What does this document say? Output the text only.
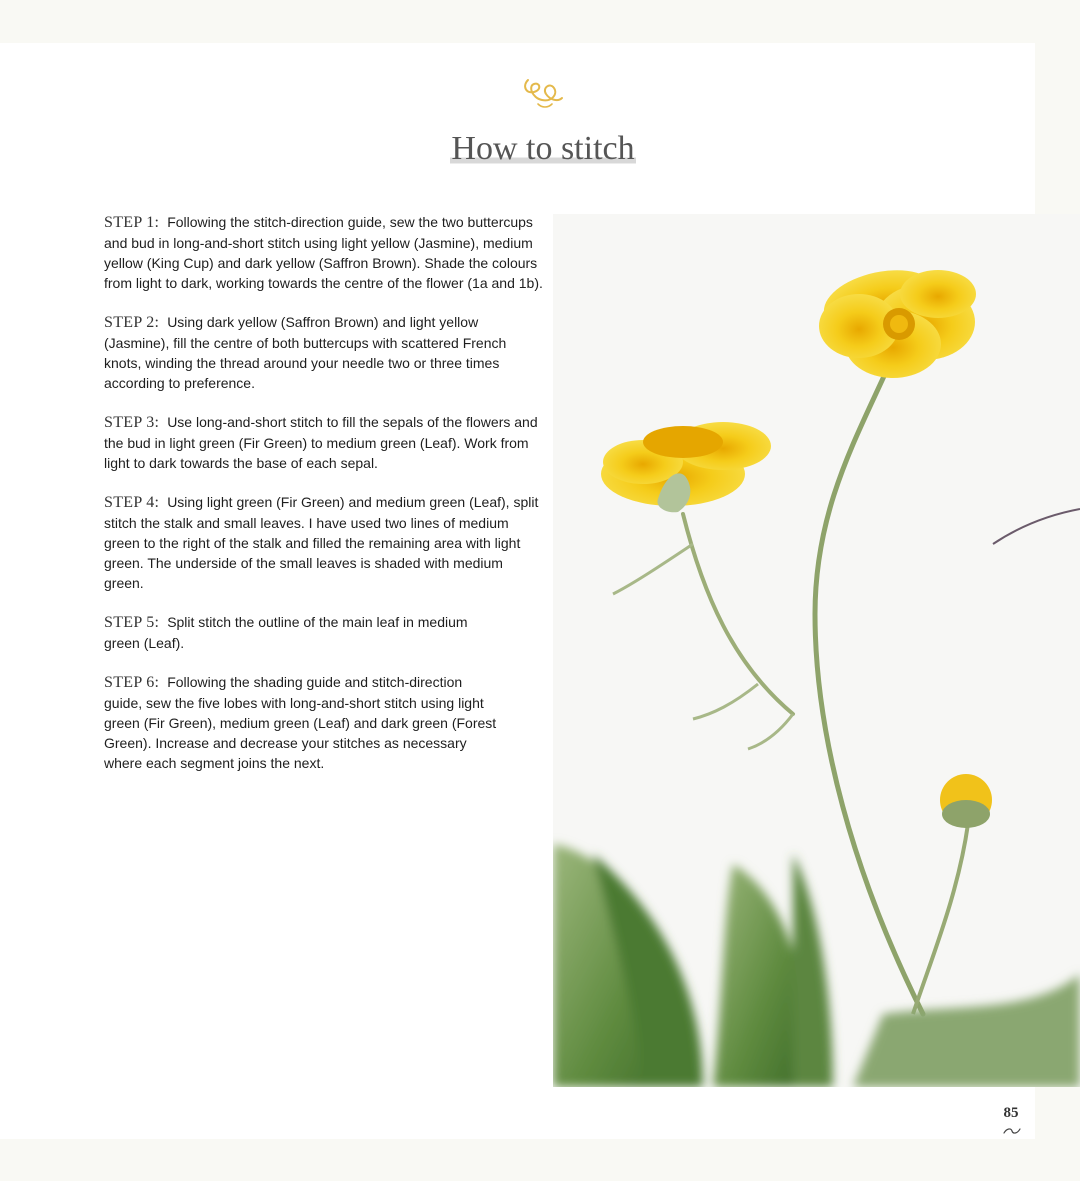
How to stitch

STEP 1: Following the stitch-direction guide, sew the two buttercups and bud in long-and-short stitch using light yellow (Jasmine), medium yellow (King Cup) and dark yellow (Saffron Brown). Shade the colours from light to dark, working towards the centre of the flower (1a and 1b).

STEP 2: Using dark yellow (Saffron Brown) and light yellow (Jasmine), fill the centre of both buttercups with scattered French knots, winding the thread around your needle two or three times according to preference.

STEP 3: Use long-and-short stitch to fill the sepals of the flowers and the bud in light green (Fir Green) to medium green (Leaf). Work from light to dark towards the base of each sepal.

STEP 4: Using light green (Fir Green) and medium green (Leaf), split stitch the stalk and small leaves. I have used two lines of medium green to the right of the stalk and filled the remaining area with light green. The underside of the small leaves is shaded with medium green.

STEP 5: Split stitch the outline of the main leaf in medium green (Leaf).

STEP 6: Following the shading guide and stitch-direction guide, sew the five lobes with long-and-short stitch using light green (Fir Green), medium green (Leaf) and dark green (Forest Green). Increase and decrease your stitches as necessary where each segment joins the next.

85
